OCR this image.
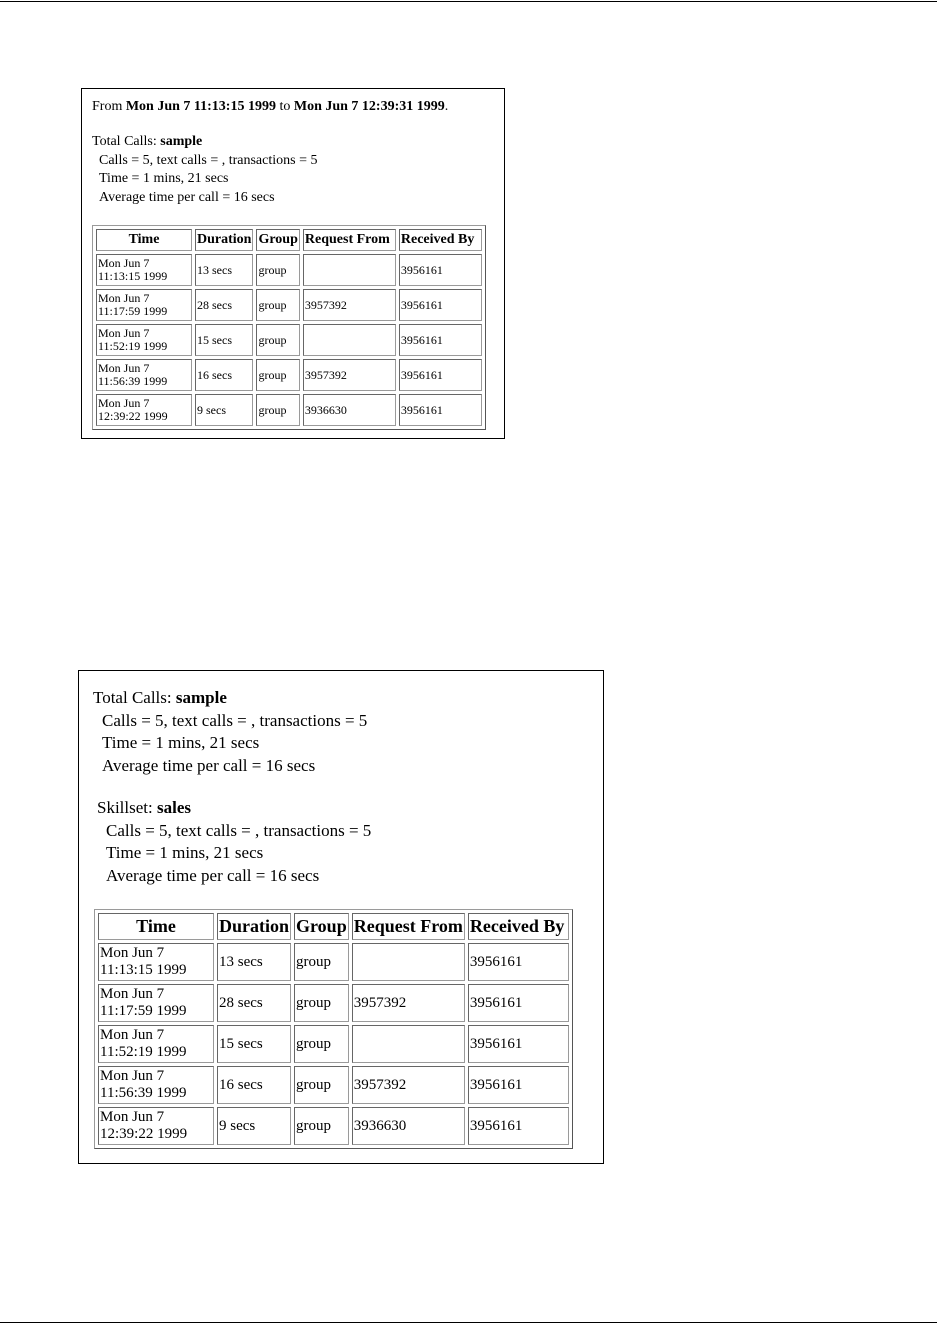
From Mon Jun 7 11:13:15 1999 to Mon Jun 7 12:39:31 1999.
Total Calls: sample
Calls = 5, text calls = , transactions = 5
Time = 1 mins, 21 secs
Average time per call = 16 secs
Time	Duration	Group	Request From	Received By
Mon Jun 7
11:13:15 1999	13 secs	group		3956161
Mon Jun 7
11:17:59 1999	28 secs	group	3957392	3956161
Mon Jun 7
11:52:19 1999	15 secs	group		3956161
Mon Jun 7
11:56:39 1999	16 secs	group	3957392	3956161
Mon Jun 7
12:39:22 1999	9 secs	group	3936630	3956161
Total Calls: sample
Calls = 5, text calls = , transactions = 5
Time = 1 mins, 21 secs
Average time per call = 16 secs
Skillset: sales
Calls = 5, text calls = , transactions = 5
Time = 1 mins, 21 secs
Average time per call = 16 secs
Time	Duration	Group	Request From	Received By
Mon Jun 7
11:13:15 1999	13 secs	group		3956161
Mon Jun 7
11:17:59 1999	28 secs	group	3957392	3956161
Mon Jun 7
11:52:19 1999	15 secs	group		3956161
Mon Jun 7
11:56:39 1999	16 secs	group	3957392	3956161
Mon Jun 7
12:39:22 1999	9 secs	group	3936630	3956161
